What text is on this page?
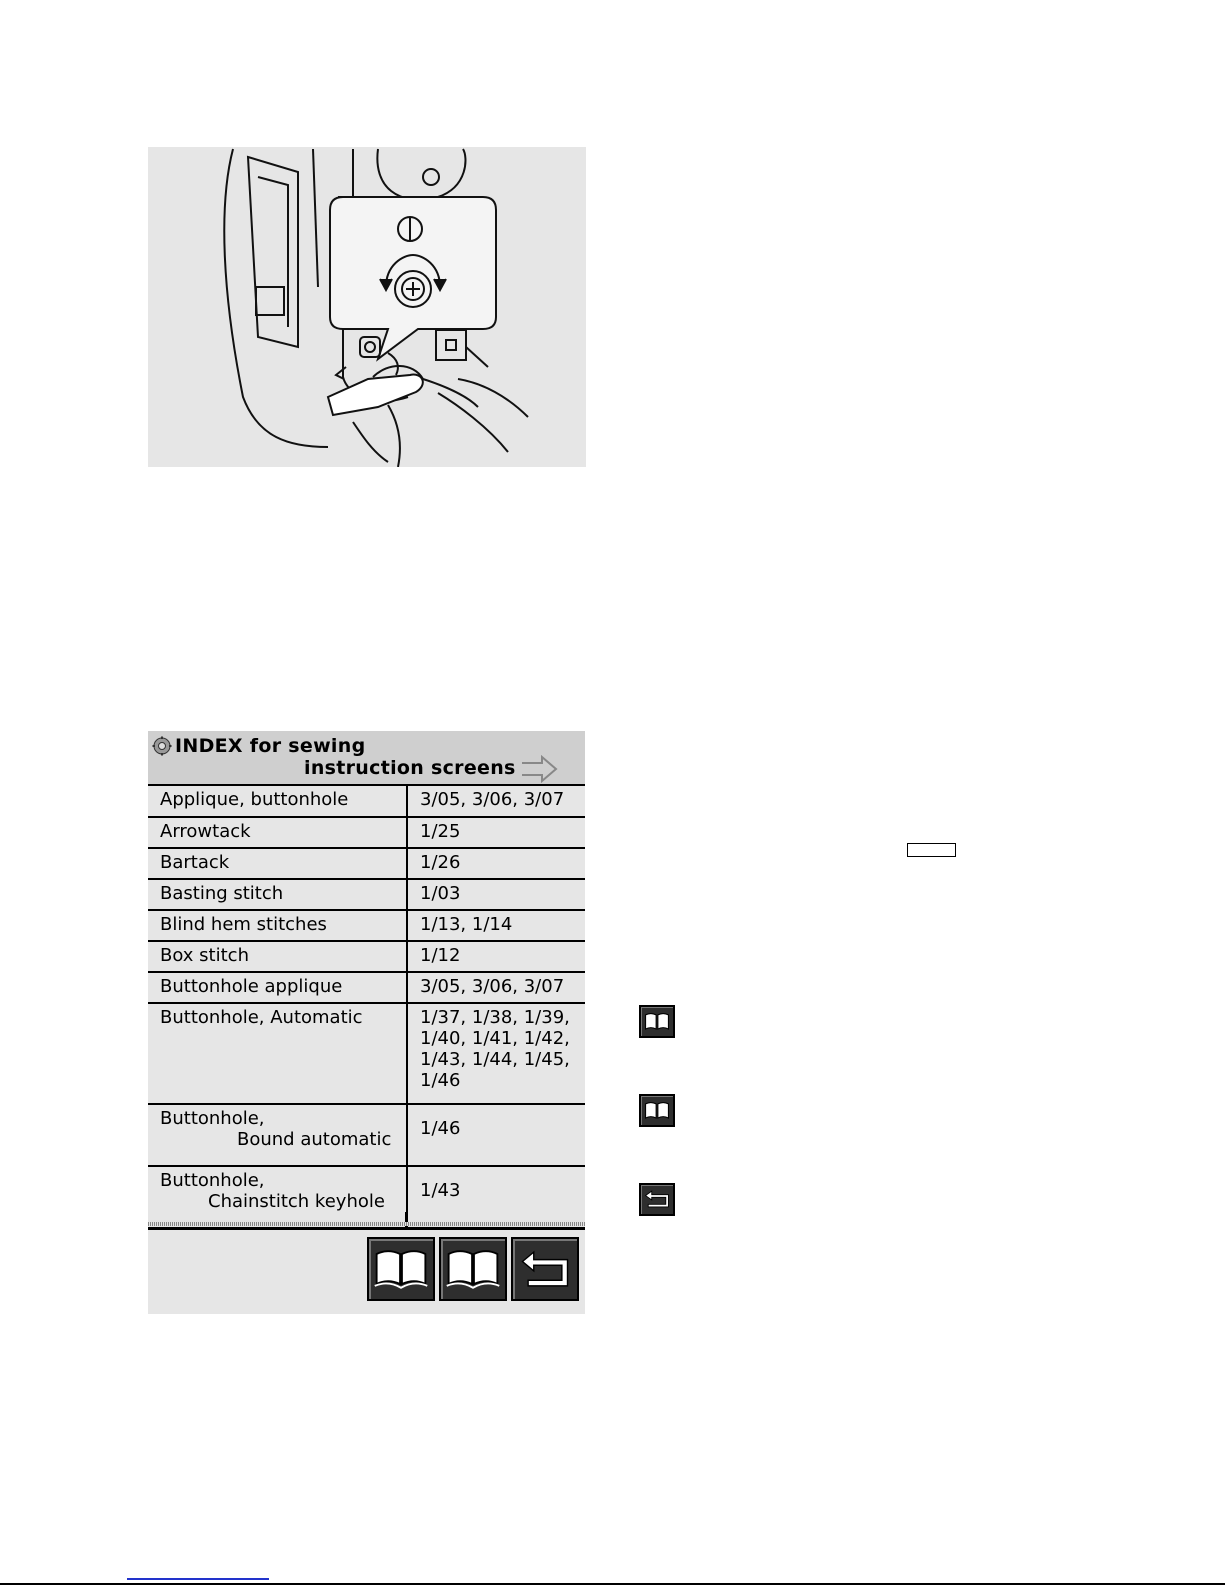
INDEX for sewing
instruction screens
Applique, buttonhole	3/05, 3/06, 3/07
Arrowtack	1/25
Bartack	1/26
Basting stitch	1/03
Blind hem stitches	1/13, 1/14
Box stitch	1/12
Buttonhole applique	3/05, 3/06, 3/07
Buttonhole, Automatic	1/37, 1/38, 1/39, 1/40, 1/41, 1/42, 1/43, 1/44, 1/45, 1/46
Buttonhole,
Bound automatic	1/46
Buttonhole,
Chainstitch keyhole	1/43
